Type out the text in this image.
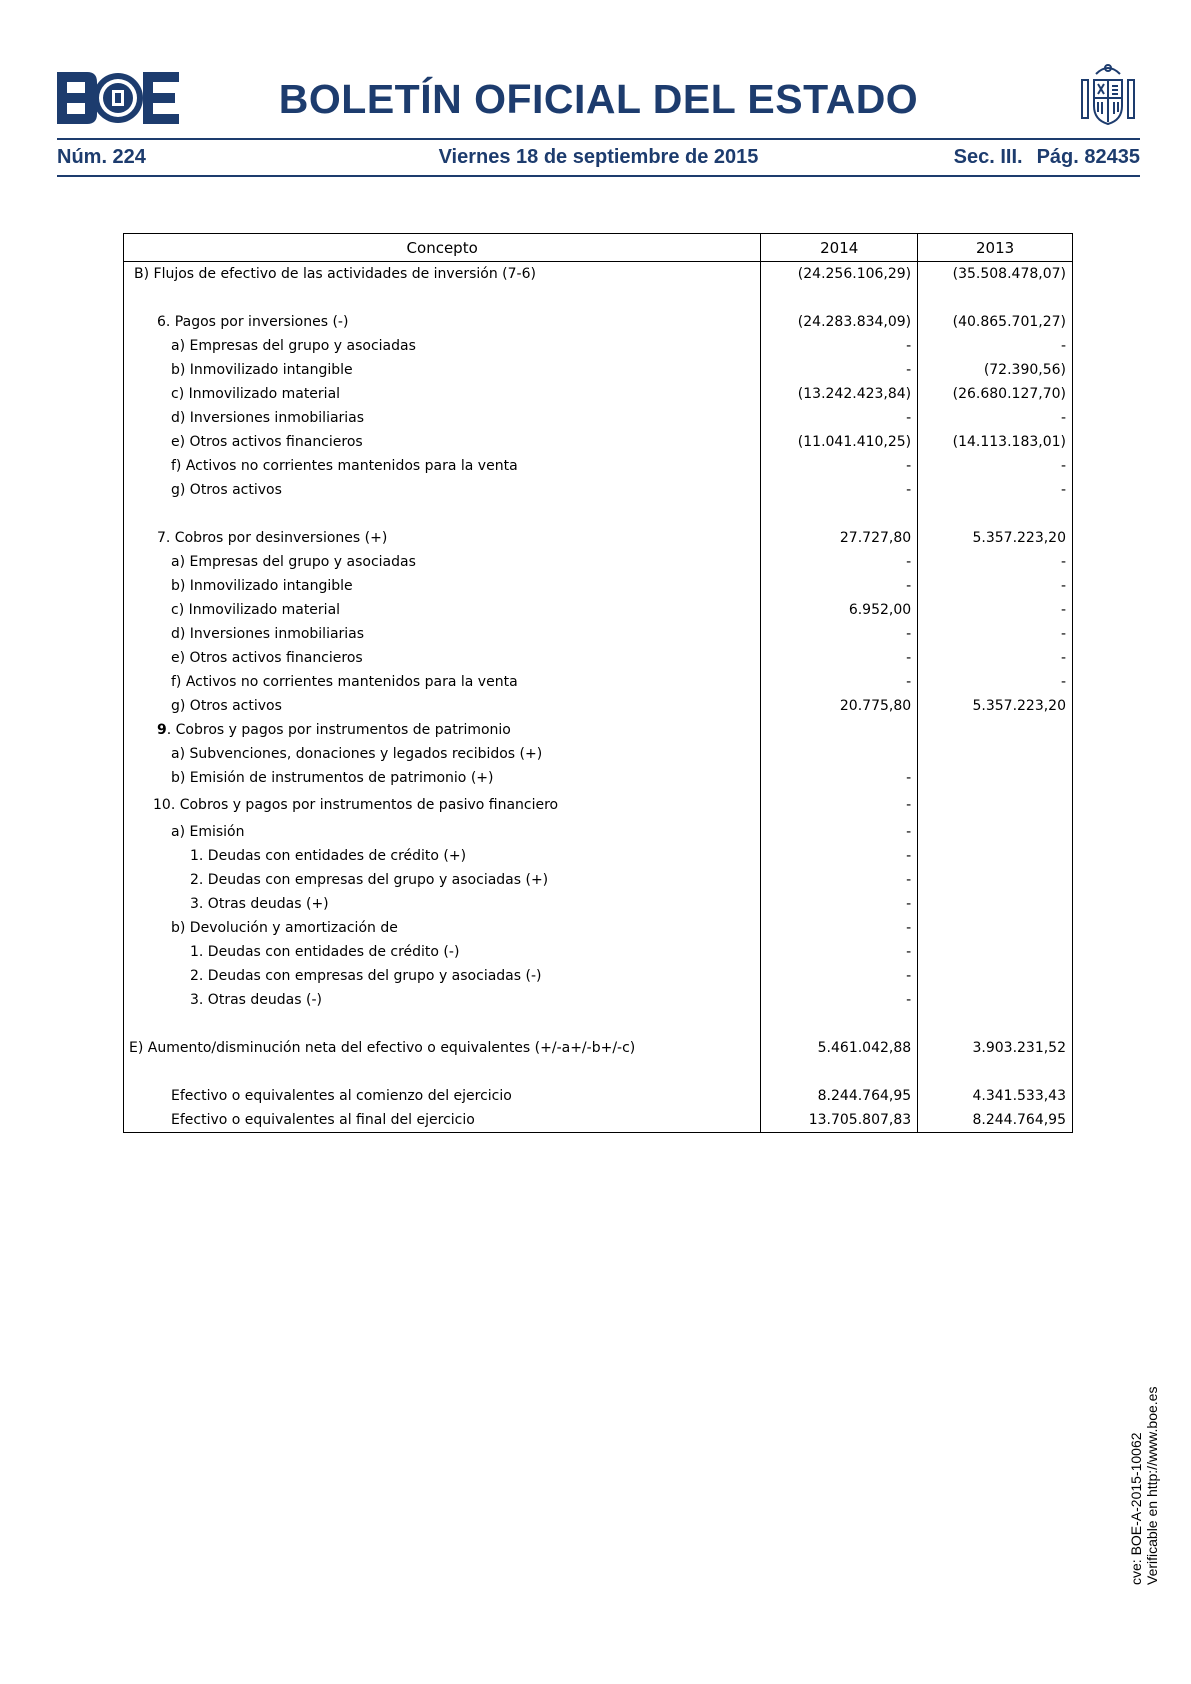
BOLETÍN OFICIAL DEL ESTADO
Núm. 224	Viernes 18 de septiembre de 2015	Sec. III. Pág. 82435
Concepto	2014	2013
B) Flujos de efectivo de las actividades de inversión (7-6)	(24.256.106,29)	(35.508.478,07)

6. Pagos por inversiones (-)	(24.283.834,09)	(40.865.701,27)
a) Empresas del grupo y asociadas	-	-
b) Inmovilizado intangible	-	(72.390,56)
c) Inmovilizado material	(13.242.423,84)	(26.680.127,70)
d) Inversiones inmobiliarias	-	-
e) Otros activos financieros	(11.041.410,25)	(14.113.183,01)
f) Activos no corrientes mantenidos para la venta	-	-
g) Otros activos	-	-

7. Cobros por desinversiones (+)	27.727,80	5.357.223,20
a) Empresas del grupo y asociadas	-	-
b) Inmovilizado intangible	-	-
c) Inmovilizado material	6.952,00	-
d) Inversiones inmobiliarias	-	-
e) Otros activos financieros	-	-
f) Activos no corrientes mantenidos para la venta	-	-
g) Otros activos	20.775,80	5.357.223,20
9. Cobros y pagos por instrumentos de patrimonio		
a) Subvenciones, donaciones y legados recibidos (+)		
b) Emisión de instrumentos de patrimonio (+)	-	
10. Cobros y pagos por instrumentos de pasivo financiero	-	
a) Emisión	-	
1. Deudas con entidades de crédito (+)	-	
2. Deudas con empresas del grupo y asociadas (+)	-	
3. Otras deudas (+)	-	
b) Devolución y amortización de	-	
1. Deudas con entidades de crédito (-)	-	
2. Deudas con empresas del grupo y asociadas (-)	-	
3. Otras deudas (-)	-	

E) Aumento/disminución neta del efectivo o equivalentes (+/-a+/-b+/-c)	5.461.042,88	3.903.231,52

Efectivo o equivalentes al comienzo del ejercicio	8.244.764,95	4.341.533,43
Efectivo o equivalentes al final del ejercicio	13.705.807,83	8.244.764,95
cve: BOE-A-2015-10062 Verificable en http://www.boe.es
